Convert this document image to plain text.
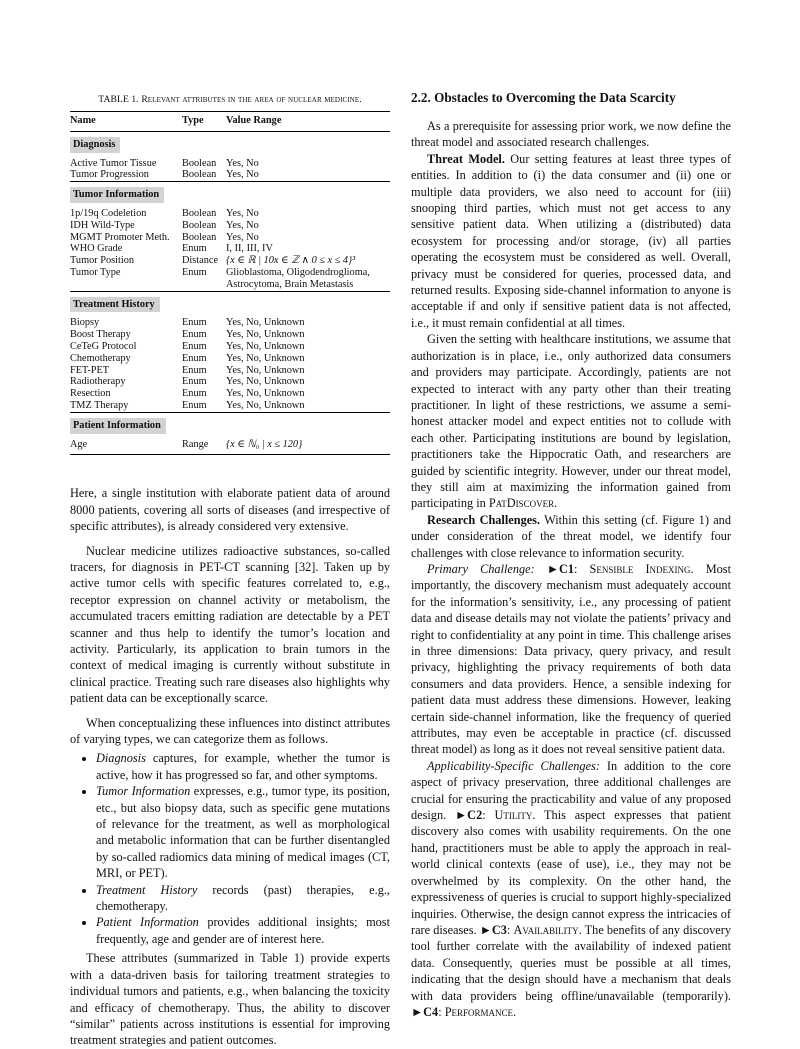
TABLE 1. Relevant attributes in the area of nuclear medicine.
Name	Type	Value Range
Diagnosis		
Active Tumor Tissue	Boolean	Yes, No
Tumor Progression	Boolean	Yes, No
Tumor Information		
1p/19q Codeletion	Boolean	Yes, No
IDH Wild-Type	Boolean	Yes, No
MGMT Promoter Meth.	Boolean	Yes, No
WHO Grade	Enum	I, II, III, IV
Tumor Position	Distance	{x ∈ ℝ | 10x ∈ ℤ ∧ 0 ≤ x ≤ 4}³
Tumor Type	Enum	Glioblastoma, Oligodendroglioma, Astrocytoma, Brain Metastasis
Treatment History		
Biopsy	Enum	Yes, No, Unknown
Boost Therapy	Enum	Yes, No, Unknown
CeTeG Protocol	Enum	Yes, No, Unknown
Chemotherapy	Enum	Yes, No, Unknown
FET-PET	Enum	Yes, No, Unknown
Radiotherapy	Enum	Yes, No, Unknown
Resection	Enum	Yes, No, Unknown
TMZ Therapy	Enum	Yes, No, Unknown
Patient Information		
Age	Range	{x ∈ ℕ₀ | x ≤ 120}

Here, a single institution with elaborate patient data of around 8000 patients, covering all sorts of diseases (and irrespective of specific attributes), is already considered very extensive.

Nuclear medicine utilizes radioactive substances, so-called tracers, for diagnosis in PET-CT scanning [32]. Taken up by active tumor cells with specific features correlated to, e.g., receptor expression on channel activity or metabolism, the accumulated tracers emitting radiation are detectable by a PET scanner and thus help to identify the tumor’s location and activity. Particularly, its application to brain tumors in the context of medical imaging is currently without substitute in clinical practice. Treating such rare diseases also highlights why patient data can be exceptionally scarce.

When conceptualizing these influences into distinct attributes of varying types, we can categorize them as follows.

• Diagnosis captures, for example, whether the tumor is active, how it has progressed so far, and other symptoms.
• Tumor Information expresses, e.g., tumor type, its position, etc., but also biopsy data, such as specific gene mutations of relevance for the treatment, as well as morphological and metabolic information that can be further disentangled by so-called radiomics data mining of medical images (CT, MRI, or PET).
• Treatment History records (past) therapies, e.g., chemotherapy.
• Patient Information provides additional insights; most frequently, age and gender are of interest here.

These attributes (summarized in Table 1) provide experts with a data-driven basis for tailoring treatment strategies to individual tumors and patients, e.g., when balancing the toxicity and efficacy of chemotherapy. Thus, the ability to discover “similar” patients across institutions is essential for improving treatment strategies and patient outcomes.

2.2. Obstacles to Overcoming the Data Scarcity

As a prerequisite for assessing prior work, we now define the threat model and associated research challenges.

Threat Model. Our setting features at least three types of entities. In addition to (i) the data consumer and (ii) one or multiple data providers, we also need to account for (iii) snooping third parties, which must not get access to any sensitive patient data. When utilizing a (distributed) data ecosystem for processing and/or storage, (iv) all parties operating the ecosystem must be considered as well. Overall, privacy must be considered for queries, processed data, and returned results. Exposing side-channel information to anyone is acceptable if and only if sensitive patient data is not affected, i.e., it must remain confidential at all times.

Given the setting with healthcare institutions, we assume that authorization is in place, i.e., only authorized data consumers and providers may participate. Accordingly, patients are not expected to interact with any party other than their treating practitioner. In light of these restrictions, we assume a semi-honest attacker model and expect entities not to collude with each other. Participating institutions are bound by legislation, practitioners take the Hippocratic Oath, and researchers are guided by scientific integrity. However, under our threat model, they still aim at maximizing the information gained from participating in PatDiscover.

Research Challenges. Within this setting (cf. Figure 1) and under consideration of the threat model, we identify four challenges with close relevance to information security.

Primary Challenge: ►C1: Sensible Indexing. Most importantly, the discovery mechanism must adequately account for the information’s sensitivity, i.e., any processing of patient data and disease details may not violate the patients’ privacy and right to confidentiality at any point in time. This challenge arises in three dimensions: Data privacy, query privacy, and result privacy, highlighting the privacy requirements of both data consumers and data providers. Hence, a sensible indexing for patient data must address these dimensions. However, leaking certain side-channel information, like the frequency of queried attributes, may even be acceptable in practice (cf. discussed threat model) as long as it does not reveal sensitive patient data.

Applicability-Specific Challenges: In addition to the core aspect of privacy preservation, three additional challenges are crucial for ensuring the practicability and value of any proposed design. ►C2: Utility. This aspect expresses that patient discovery also comes with usability requirements. On the one hand, practitioners must be able to apply the approach in real-world clinical contexts (ease of use), i.e., they may not be overwhelmed by its complexity. On the other hand, the expressiveness of queries is crucial to support highly-specialized inquiries. Otherwise, the design cannot express the intricacies of rare diseases. ►C3: Availability. The benefits of any discovery tool further correlate with the availability of indexed patient data. Consequently, queries must be possible at all times, indicating that the design should have a mechanism that deals with data providers being offline/unavailable (temporarily). ►C4: Performance.
